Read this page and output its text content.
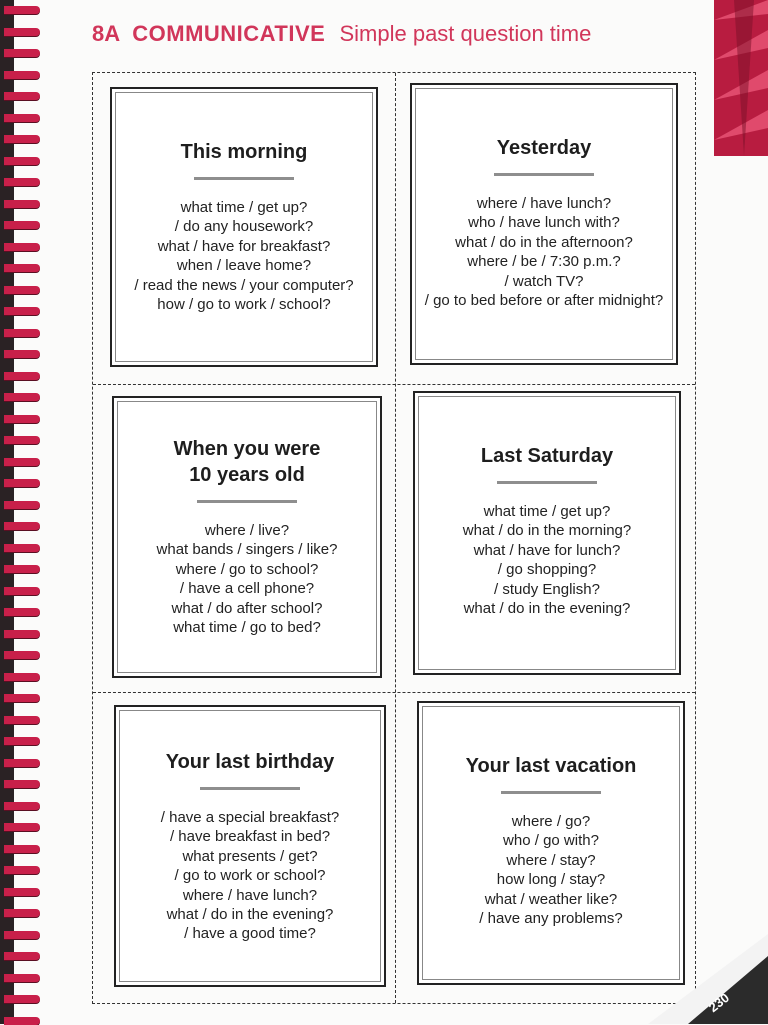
8A COMMUNICATIVE Simple past question time
This morning
what time / get up?
/ do any housework?
what / have for breakfast?
when / leave home?
/ read the news / your computer?
how / go to work / school?
Yesterday
where / have lunch?
who / have lunch with?
what / do in the afternoon?
where / be / 7:30 p.m.?
/ watch TV?
/ go to bed before or after midnight?
When you were
10 years old
where / live?
what bands / singers / like?
where / go to school?
/ have a cell phone?
what / do after school?
what time / go to bed?
Last Saturday
what time / get up?
what / do in the morning?
what / have for lunch?
/ go shopping?
/ study English?
what / do in the evening?
Your last birthday
/ have a special breakfast?
/ have breakfast in bed?
what presents / get?
/ go to work or school?
where / have lunch?
what / do in the evening?
/ have a good time?
Your last vacation
where / go?
who / go with?
where / stay?
how long / stay?
what / weather like?
/ have any problems?
230
